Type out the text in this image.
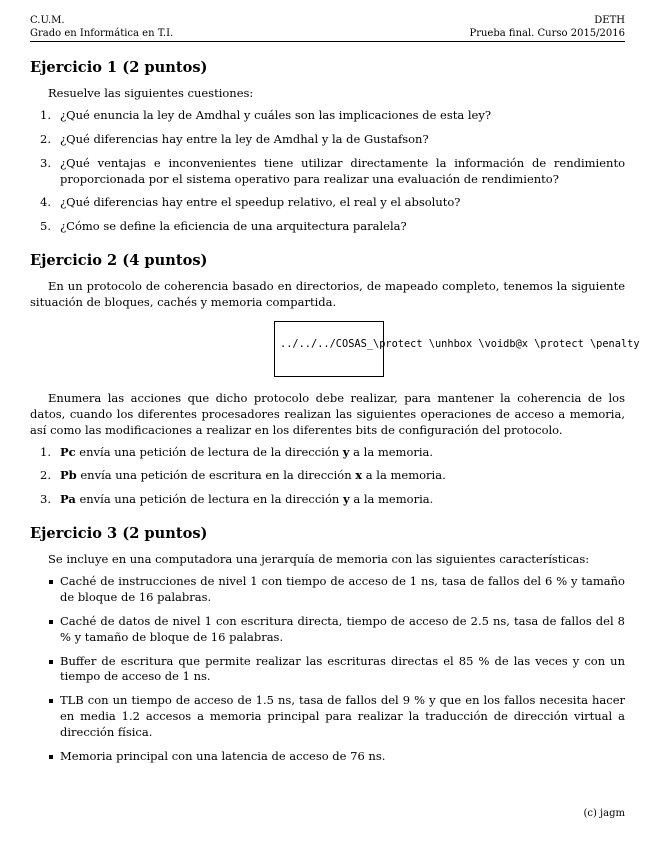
C.U.M.	DETH
Grado en Informática en T.I.	Prueba final. Curso 2015/2016
Ejercicio 1 (2 puntos)

Resuelve las siguientes cuestiones:

1. ¿Qué enuncia la ley de Amdhal y cuáles son las implicaciones de esta ley?
2. ¿Qué diferencias hay entre la ley de Amdhal y la de Gustafson?
3. ¿Qué ventajas e inconvenientes tiene utilizar directamente la información de rendimiento proporcionada por el sistema operativo para realizar una evaluación de rendimiento?
4. ¿Qué diferencias hay entre el speedup relativo, el real y el absoluto?
5. ¿Cómo se define la eficiencia de una arquitectura paralela?
Ejercicio 2 (4 puntos)

En un protocolo de coherencia basado en directorios, de mapeado completo, tenemos la siguiente situación de bloques, cachés y memoria compartida.

../../../COSAS_\protect \unhbox \voidb@x \protect \penalty

Enumera las acciones que dicho protocolo debe realizar, para mantener la coherencia de los datos, cuando los diferentes procesadores realizan las siguientes operaciones de acceso a memoria, así como las modificaciones a realizar en los diferentes bits de configuración del protocolo.

1. Pc envía una petición de lectura de la dirección y a la memoria.
2. Pb envía una petición de escritura en la dirección x a la memoria.
3. Pa envía una petición de lectura en la dirección y a la memoria.
Ejercicio 3 (2 puntos)

Se incluye en una computadora una jerarquía de memoria con las siguientes características:

Caché de instrucciones de nivel 1 con tiempo de acceso de 1 ns, tasa de fallos del 6 % y tamaño de bloque de 16 palabras.
Caché de datos de nivel 1 con escritura directa, tiempo de acceso de 2.5 ns, tasa de fallos del 8 % y tamaño de bloque de 16 palabras.
Buffer de escritura que permite realizar las escrituras directas el 85 % de las veces y con un tiempo de acceso de 1 ns.
TLB con un tiempo de acceso de 1.5 ns, tasa de fallos del 9 % y que en los fallos necesita hacer en media 1.2 accesos a memoria principal para realizar la traducción de dirección virtual a dirección física.
Memoria principal con una latencia de acceso de 76 ns.
(c) jagm
